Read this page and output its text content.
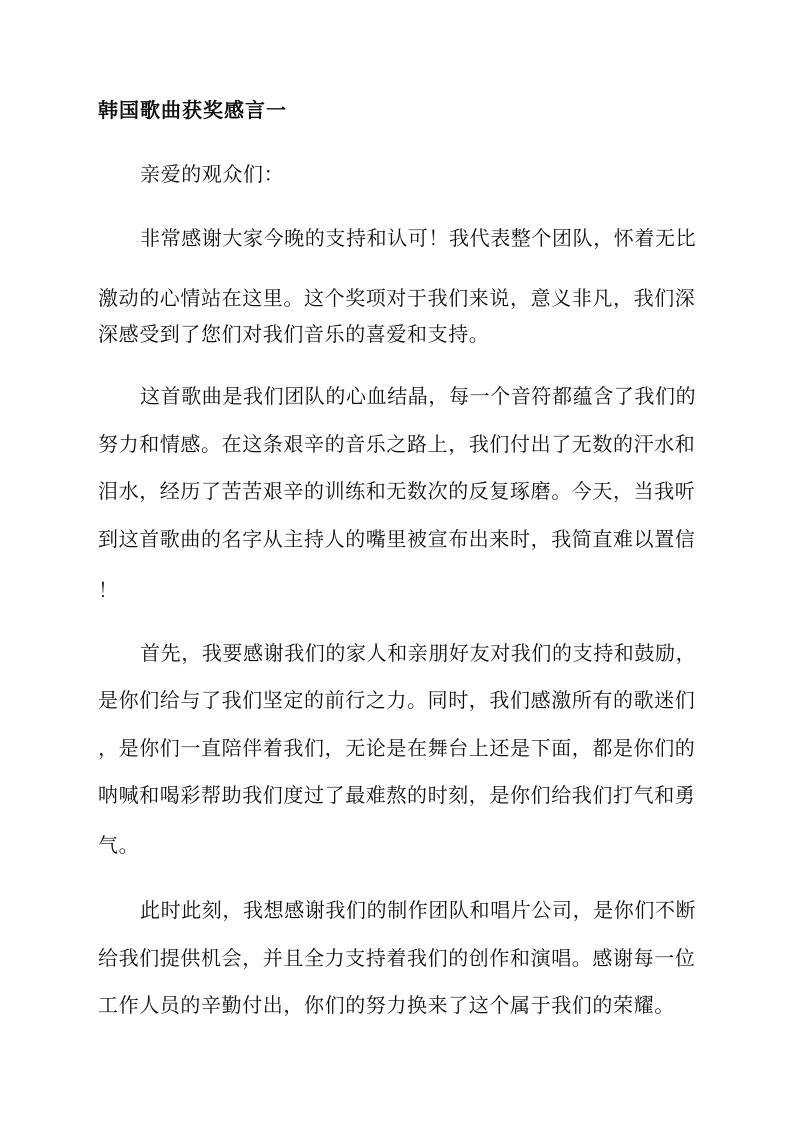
韩国歌曲获奖感言一
亲爱的观众们：
非常感谢大家今晚的支持和认可！我代表整个团队，怀着无比
激动的心情站在这里。这个奖项对于我们来说，意义非凡，我们深
深感受到了您们对我们音乐的喜爱和支持。
这首歌曲是我们团队的心血结晶，每一个音符都蕴含了我们的
努力和情感。在这条艰辛的音乐之路上，我们付出了无数的汗水和
泪水，经历了苦苦艰辛的训练和无数次的反复琢磨。今天，当我听
到这首歌曲的名字从主持人的嘴里被宣布出来时，我简直难以置信
！
首先，我要感谢我们的家人和亲朋好友对我们的支持和鼓励，
是你们给与了我们坚定的前行之力。同时，我们感激所有的歌迷们
，是你们一直陪伴着我们，无论是在舞台上还是下面，都是你们的
呐喊和喝彩帮助我们度过了最难熬的时刻，是你们给我们打气和勇
气。
此时此刻，我想感谢我们的制作团队和唱片公司，是你们不断
给我们提供机会，并且全力支持着我们的创作和演唱。感谢每一位
工作人员的辛勤付出，你们的努力换来了这个属于我们的荣耀。
